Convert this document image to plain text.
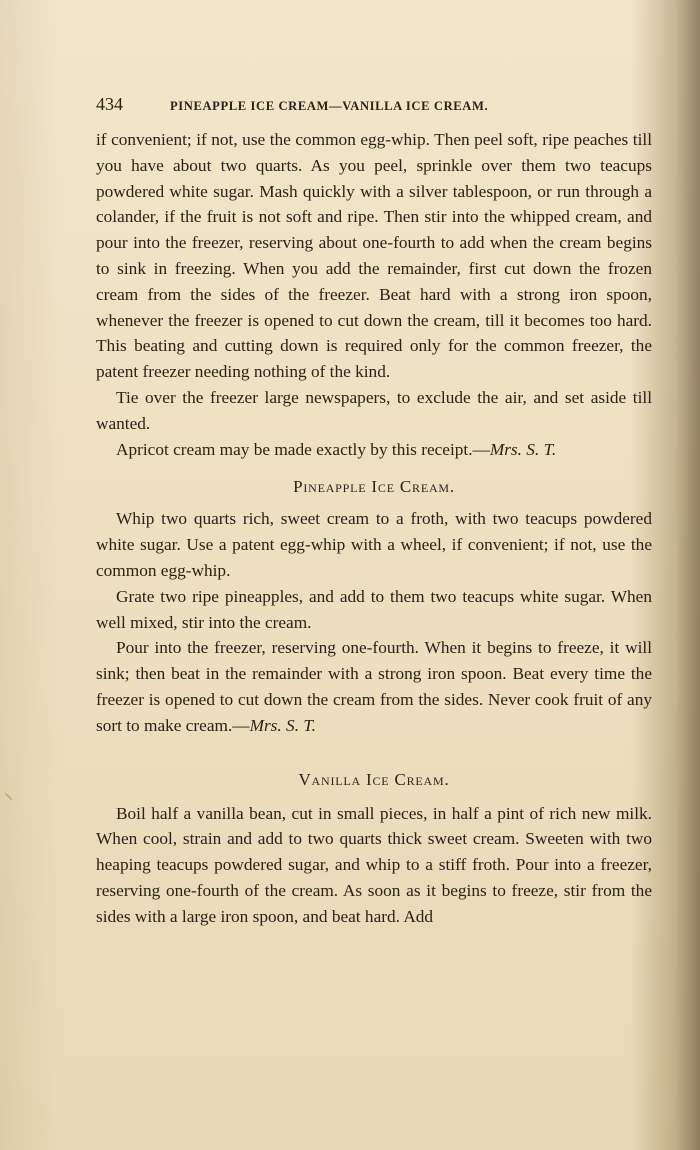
434	PINEAPPLE ICE CREAM—VANILLA ICE CREAM.

if convenient; if not, use the common egg-whip. Then peel soft, ripe peaches till you have about two quarts. As you peel, sprinkle over them two teacups powdered white sugar. Mash quickly with a silver tablespoon, or run through a colander, if the fruit is not soft and ripe. Then stir into the whipped cream, and pour into the freezer, reserving about one-fourth to add when the cream begins to sink in freezing. When you add the remainder, first cut down the frozen cream from the sides of the freezer. Beat hard with a strong iron spoon, whenever the freezer is opened to cut down the cream, till it becomes too hard. This beating and cutting down is required only for the common freezer, the patent freezer needing nothing of the kind.

Tie over the freezer large newspapers, to exclude the air, and set aside till wanted.

Apricot cream may be made exactly by this receipt.—Mrs. S. T.

Pineapple Ice Cream.

Whip two quarts rich, sweet cream to a froth, with two teacups powdered white sugar. Use a patent egg-whip with a wheel, if convenient; if not, use the common egg-whip.

Grate two ripe pineapples, and add to them two teacups white sugar. When well mixed, stir into the cream.

Pour into the freezer, reserving one-fourth. When it begins to freeze, it will sink; then beat in the remainder with a strong iron spoon. Beat every time the freezer is opened to cut down the cream from the sides. Never cook fruit of any sort to make cream.—Mrs. S. T.

Vanilla Ice Cream.

Boil half a vanilla bean, cut in small pieces, in half a pint of rich new milk. When cool, strain and add to two quarts thick sweet cream. Sweeten with two heaping teacups powdered sugar, and whip to a stiff froth. Pour into a freezer, reserving one-fourth of the cream. As soon as it begins to freeze, stir from the sides with a large iron spoon, and beat hard. Add

⸌
